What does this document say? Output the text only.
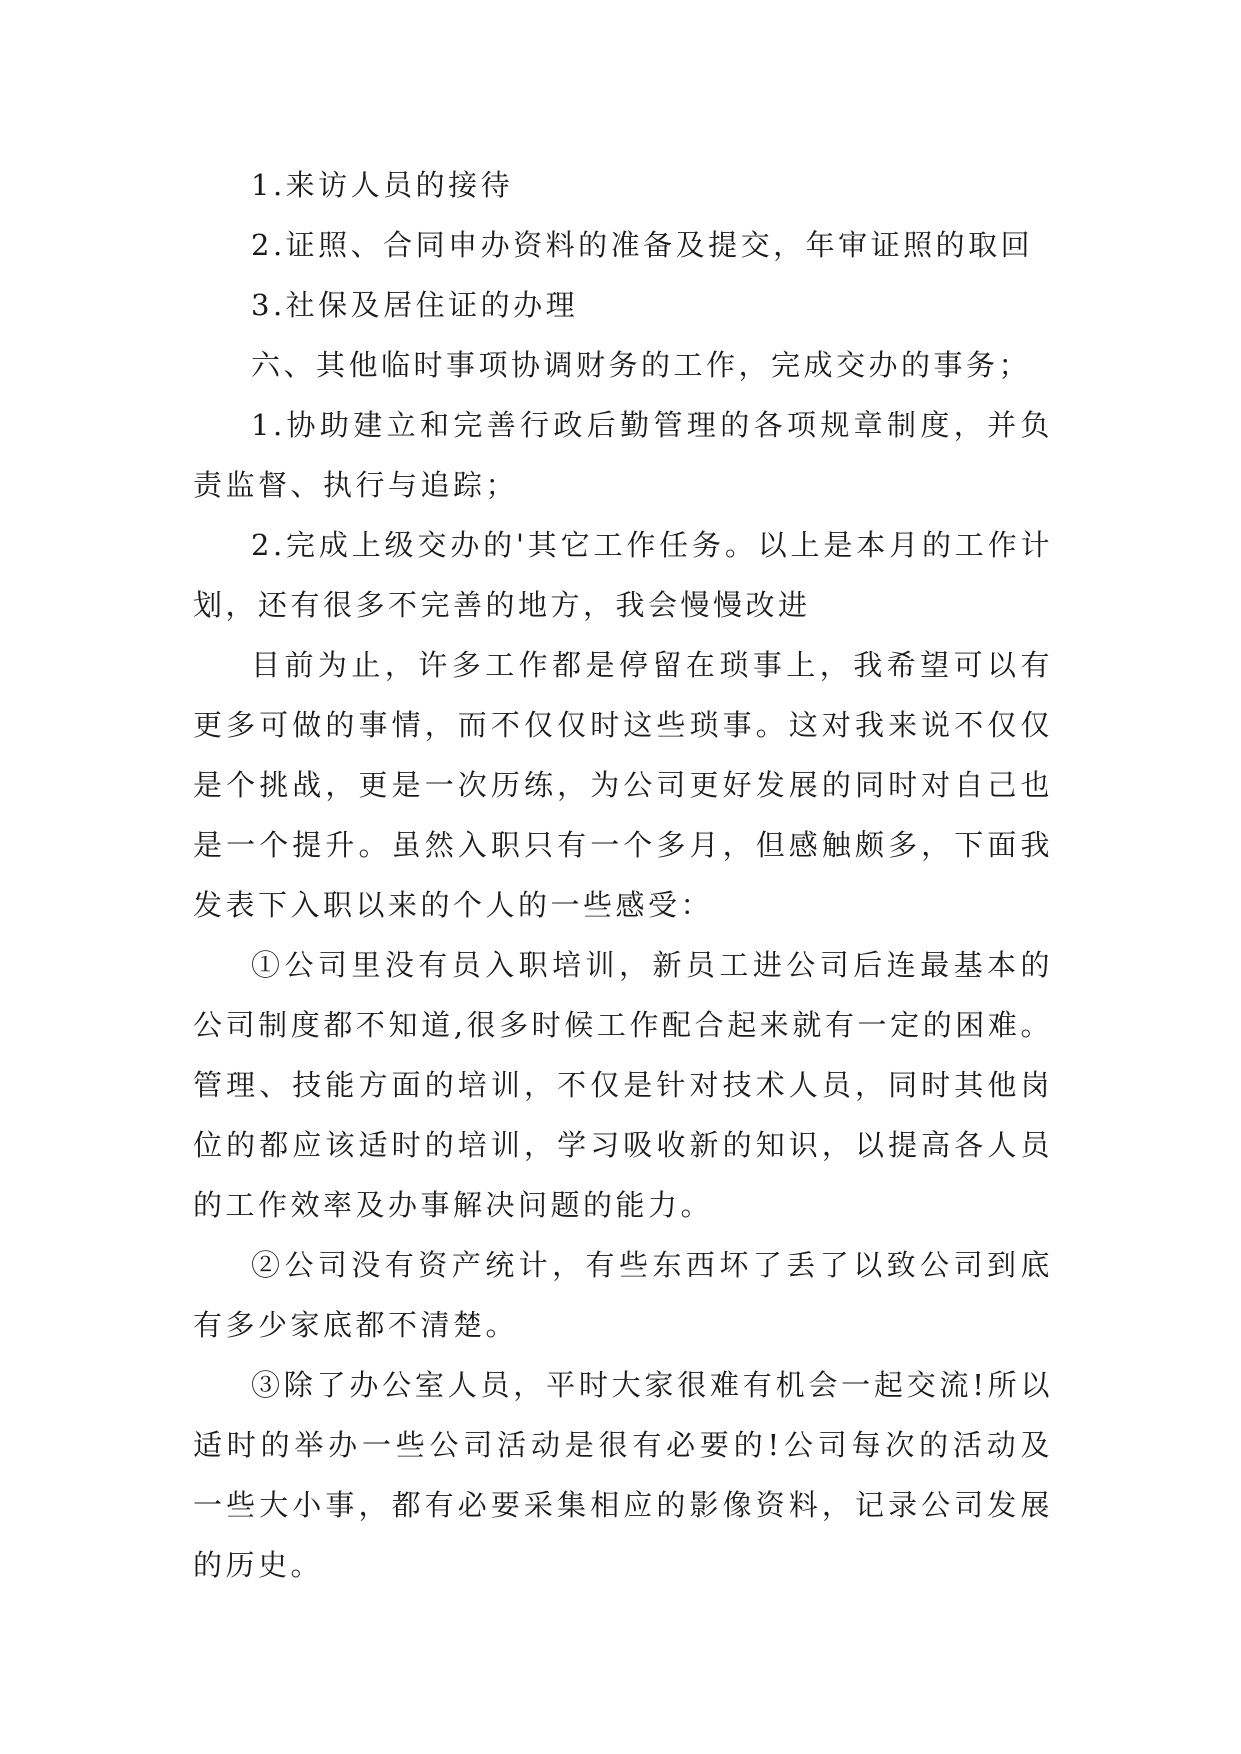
1.来访人员的接待

2.证照、合同申办资料的准备及提交，年审证照的取回

3.社保及居住证的办理

六、其他临时事项协调财务的工作，完成交办的事务；

1.协助建立和完善行政后勤管理的各项规章制度，并负责监督、执行与追踪；

2.完成上级交办的'其它工作任务。以上是本月的工作计划，还有很多不完善的地方，我会慢慢改进

目前为止，许多工作都是停留在琐事上，我希望可以有更多可做的事情，而不仅仅时这些琐事。这对我来说不仅仅是个挑战，更是一次历练，为公司更好发展的同时对自己也是一个提升。虽然入职只有一个多月，但感触颇多，下面我发表下入职以来的个人的一些感受：

①公司里没有员入职培训，新员工进公司后连最基本的公司制度都不知道,很多时候工作配合起来就有一定的困难。管理、技能方面的培训，不仅是针对技术人员，同时其他岗位的都应该适时的培训，学习吸收新的知识，以提高各人员的工作效率及办事解决问题的能力。

②公司没有资产统计，有些东西坏了丢了以致公司到底有多少家底都不清楚。

③除了办公室人员，平时大家很难有机会一起交流!所以适时的举办一些公司活动是很有必要的!公司每次的活动及一些大小事，都有必要采集相应的影像资料，记录公司发展的历史。
